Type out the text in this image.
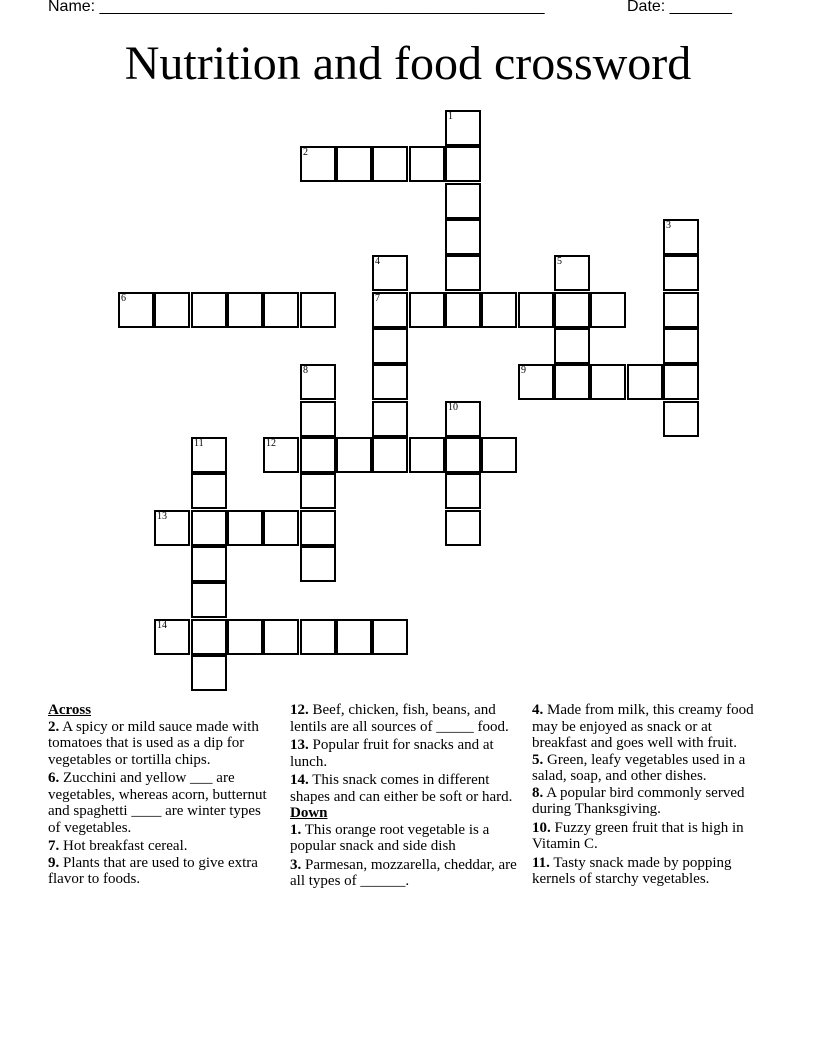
Name: __________________________________________________	Date: _______
Nutrition and food crossword
2
6	7
9
12
13
14
1
3
4	5
8
10
11
Across
2. A spicy or mild sauce made with tomatoes that is used as a dip for vegetables or tortilla chips.
6. Zucchini and yellow ___ are vegetables, whereas acorn, butternut and spaghetti ____ are winter types of vegetables.
7. Hot breakfast cereal.
9. Plants that are used to give extra flavor to foods.
12. Beef, chicken, fish, beans, and lentils are all sources of _____ food.
13. Popular fruit for snacks and at lunch.
14. This snack comes in different shapes and can either be soft or hard.
Down
1. This orange root vegetable is a popular snack and side dish
3. Parmesan, mozzarella, cheddar, are all types of ______.
4. Made from milk, this creamy food may be enjoyed as snack or at breakfast and goes well with fruit.
5. Green, leafy vegetables used in a salad, soap, and other dishes.
8. A popular bird commonly served during Thanksgiving.
10. Fuzzy green fruit that is high in Vitamin C.
11. Tasty snack made by popping kernels of starchy vegetables.
